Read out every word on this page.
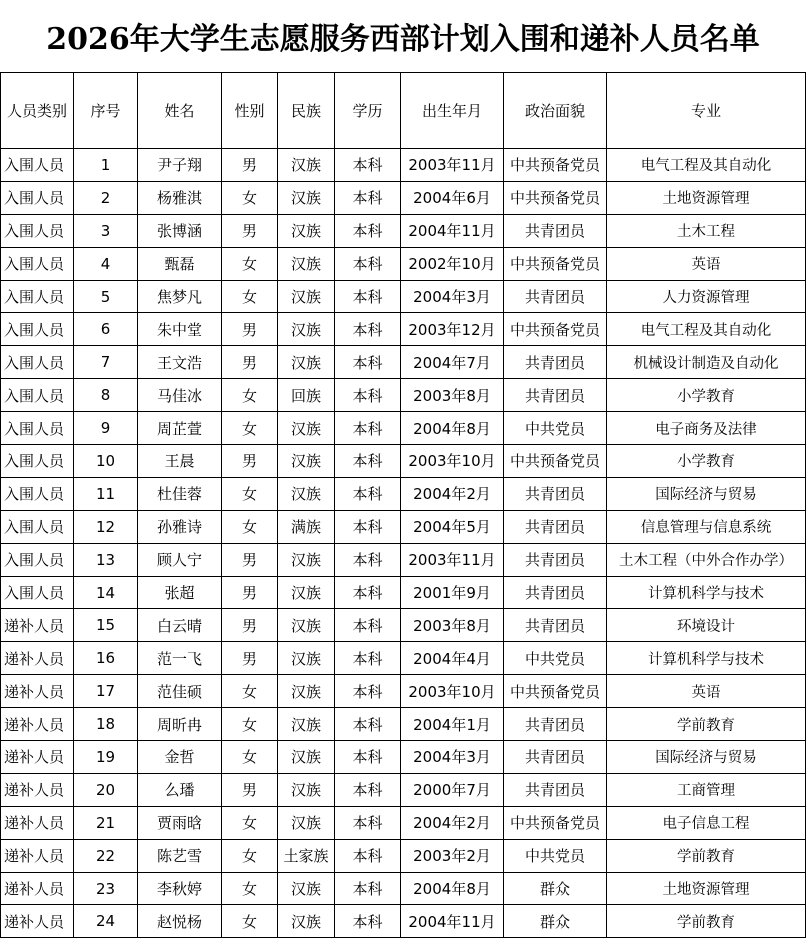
2026年大学生志愿服务西部计划入围和递补人员名单
人员类别	序号	姓名	性别	民族	学历	出生年月	政治面貌	专业
入围人员	1	尹子翔	男	汉族	本科	2003年11月	中共预备党员	电气工程及其自动化
入围人员	2	杨雅淇	女	汉族	本科	2004年6月	中共预备党员	土地资源管理
入围人员	3	张博涵	男	汉族	本科	2004年11月	共青团员	土木工程
入围人员	4	甄磊	女	汉族	本科	2002年10月	中共预备党员	英语
入围人员	5	焦梦凡	女	汉族	本科	2004年3月	共青团员	人力资源管理
入围人员	6	朱中堂	男	汉族	本科	2003年12月	中共预备党员	电气工程及其自动化
入围人员	7	王文浩	男	汉族	本科	2004年7月	共青团员	机械设计制造及自动化
入围人员	8	马佳冰	女	回族	本科	2003年8月	共青团员	小学教育
入围人员	9	周芷萱	女	汉族	本科	2004年8月	中共党员	电子商务及法律
入围人员	10	王晨	男	汉族	本科	2003年10月	中共预备党员	小学教育
入围人员	11	杜佳蓉	女	汉族	本科	2004年2月	共青团员	国际经济与贸易
入围人员	12	孙雅诗	女	满族	本科	2004年5月	共青团员	信息管理与信息系统
入围人员	13	顾人宁	男	汉族	本科	2003年11月	共青团员	土木工程（中外合作办学）
入围人员	14	张超	男	汉族	本科	2001年9月	共青团员	计算机科学与技术
递补人员	15	白云晴	男	汉族	本科	2003年8月	共青团员	环境设计
递补人员	16	范一飞	男	汉族	本科	2004年4月	中共党员	计算机科学与技术
递补人员	17	范佳硕	女	汉族	本科	2003年10月	中共预备党员	英语
递补人员	18	周昕冉	女	汉族	本科	2004年1月	共青团员	学前教育
递补人员	19	金哲	女	汉族	本科	2004年3月	共青团员	国际经济与贸易
递补人员	20	么璠	男	汉族	本科	2000年7月	共青团员	工商管理
递补人员	21	贾雨晗	女	汉族	本科	2004年2月	中共预备党员	电子信息工程
递补人员	22	陈艺雪	女	土家族	本科	2003年2月	中共党员	学前教育
递补人员	23	李秋婷	女	汉族	本科	2004年8月	群众	土地资源管理
递补人员	24	赵悦杨	女	汉族	本科	2004年11月	群众	学前教育
